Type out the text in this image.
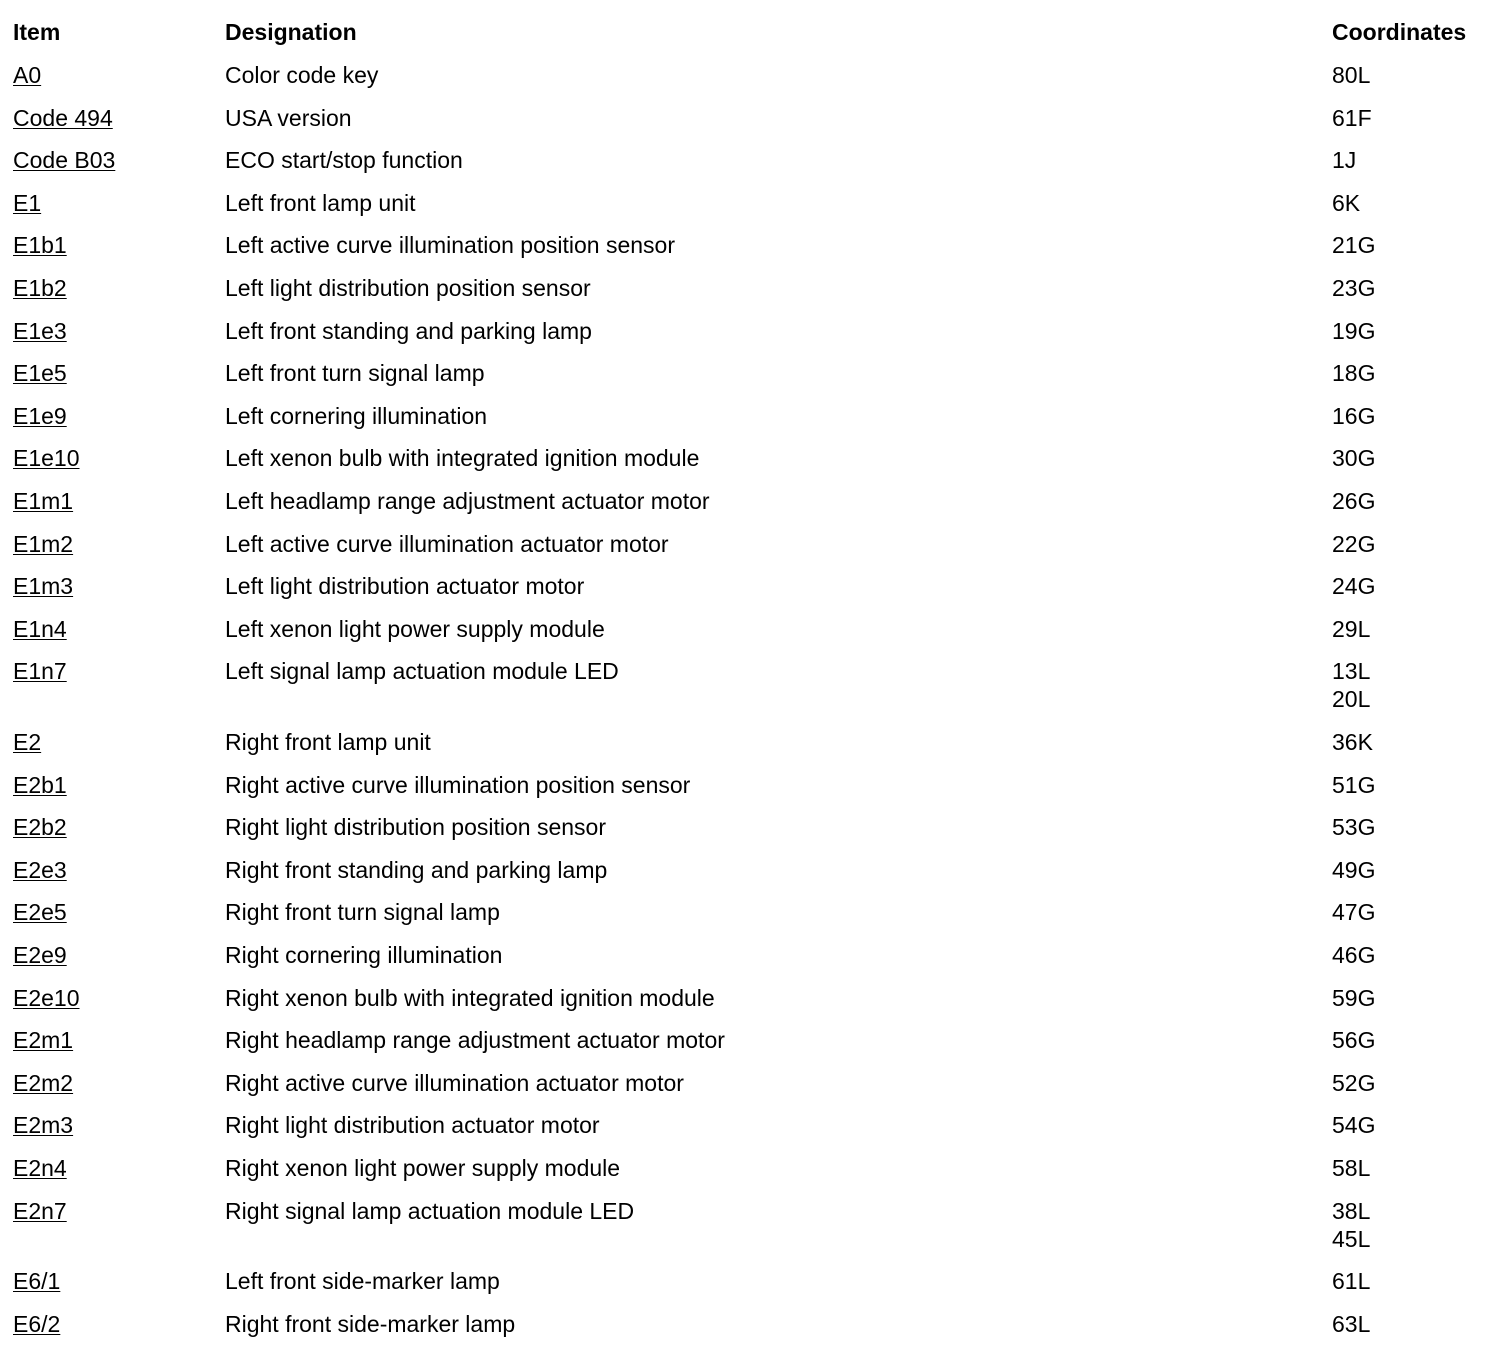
Item	Designation	Coordinates
A0	Color code key	80L
Code 494	USA version	61F
Code B03	ECO start/stop function	1J
E1	Left front lamp unit	6K
E1b1	Left active curve illumination position sensor	21G
E1b2	Left light distribution position sensor	23G
E1e3	Left front standing and parking lamp	19G
E1e5	Left front turn signal lamp	18G
E1e9	Left cornering illumination	16G
E1e10	Left xenon bulb with integrated ignition module	30G
E1m1	Left headlamp range adjustment actuator motor	26G
E1m2	Left active curve illumination actuator motor	22G
E1m3	Left light distribution actuator motor	24G
E1n4	Left xenon light power supply module	29L
E1n7	Left signal lamp actuation module LED	13L
20L
E2	Right front lamp unit	36K
E2b1	Right active curve illumination position sensor	51G
E2b2	Right light distribution position sensor	53G
E2e3	Right front standing and parking lamp	49G
E2e5	Right front turn signal lamp	47G
E2e9	Right cornering illumination	46G
E2e10	Right xenon bulb with integrated ignition module	59G
E2m1	Right headlamp range adjustment actuator motor	56G
E2m2	Right active curve illumination actuator motor	52G
E2m3	Right light distribution actuator motor	54G
E2n4	Right xenon light power supply module	58L
E2n7	Right signal lamp actuation module LED	38L
45L
E6/1	Left front side-marker lamp	61L
E6/2	Right front side-marker lamp	63L
